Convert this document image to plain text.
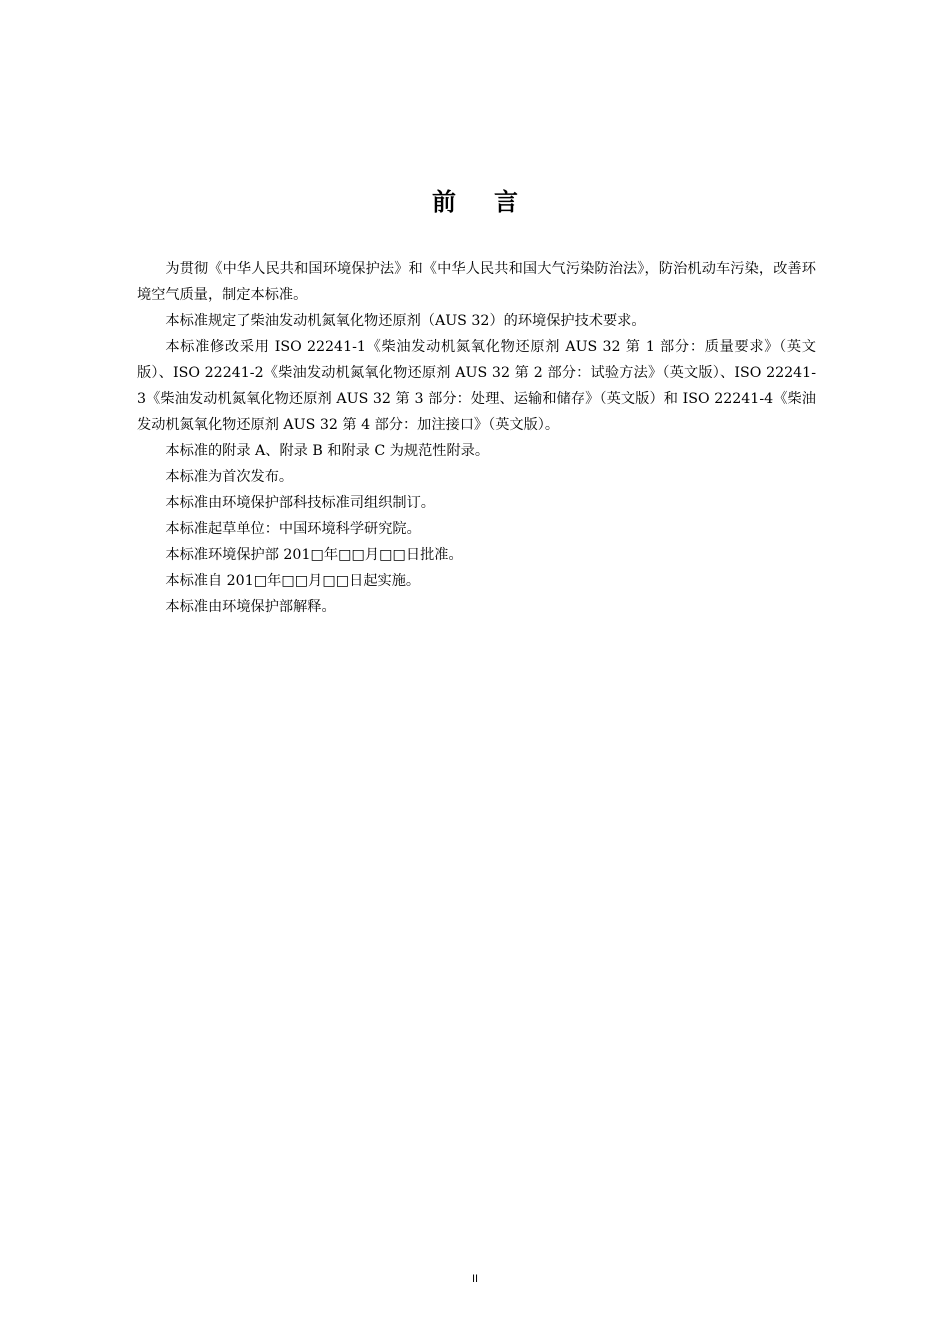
前言

为贯彻《中华人民共和国环境保护法》和《中华人民共和国大气污染防治法》，防治机动车污染，改善环境空气质量，制定本标准。

本标准规定了柴油发动机氮氧化物还原剂（AUS 32）的环境保护技术要求。

本标准修改采用 ISO 22241-1《柴油发动机氮氧化物还原剂 AUS 32 第 1 部分：质量要求》（英文版）、ISO 22241-2《柴油发动机氮氧化物还原剂 AUS 32 第 2 部分：试验方法》（英文版）、ISO 22241-3《柴油发动机氮氧化物还原剂 AUS 32 第 3 部分：处理、运输和储存》（英文版）和 ISO 22241-4《柴油发动机氮氧化物还原剂 AUS 32 第 4 部分：加注接口》（英文版）。

本标准的附录 A、附录 B 和附录 C 为规范性附录。

本标准为首次发布。

本标准由环境保护部科技标准司组织制订。

本标准起草单位：中国环境科学研究院。

本标准环境保护部 201□年□□月□□日批准。

本标准自 201□年□□月□□日起实施。

本标准由环境保护部解释。

II
